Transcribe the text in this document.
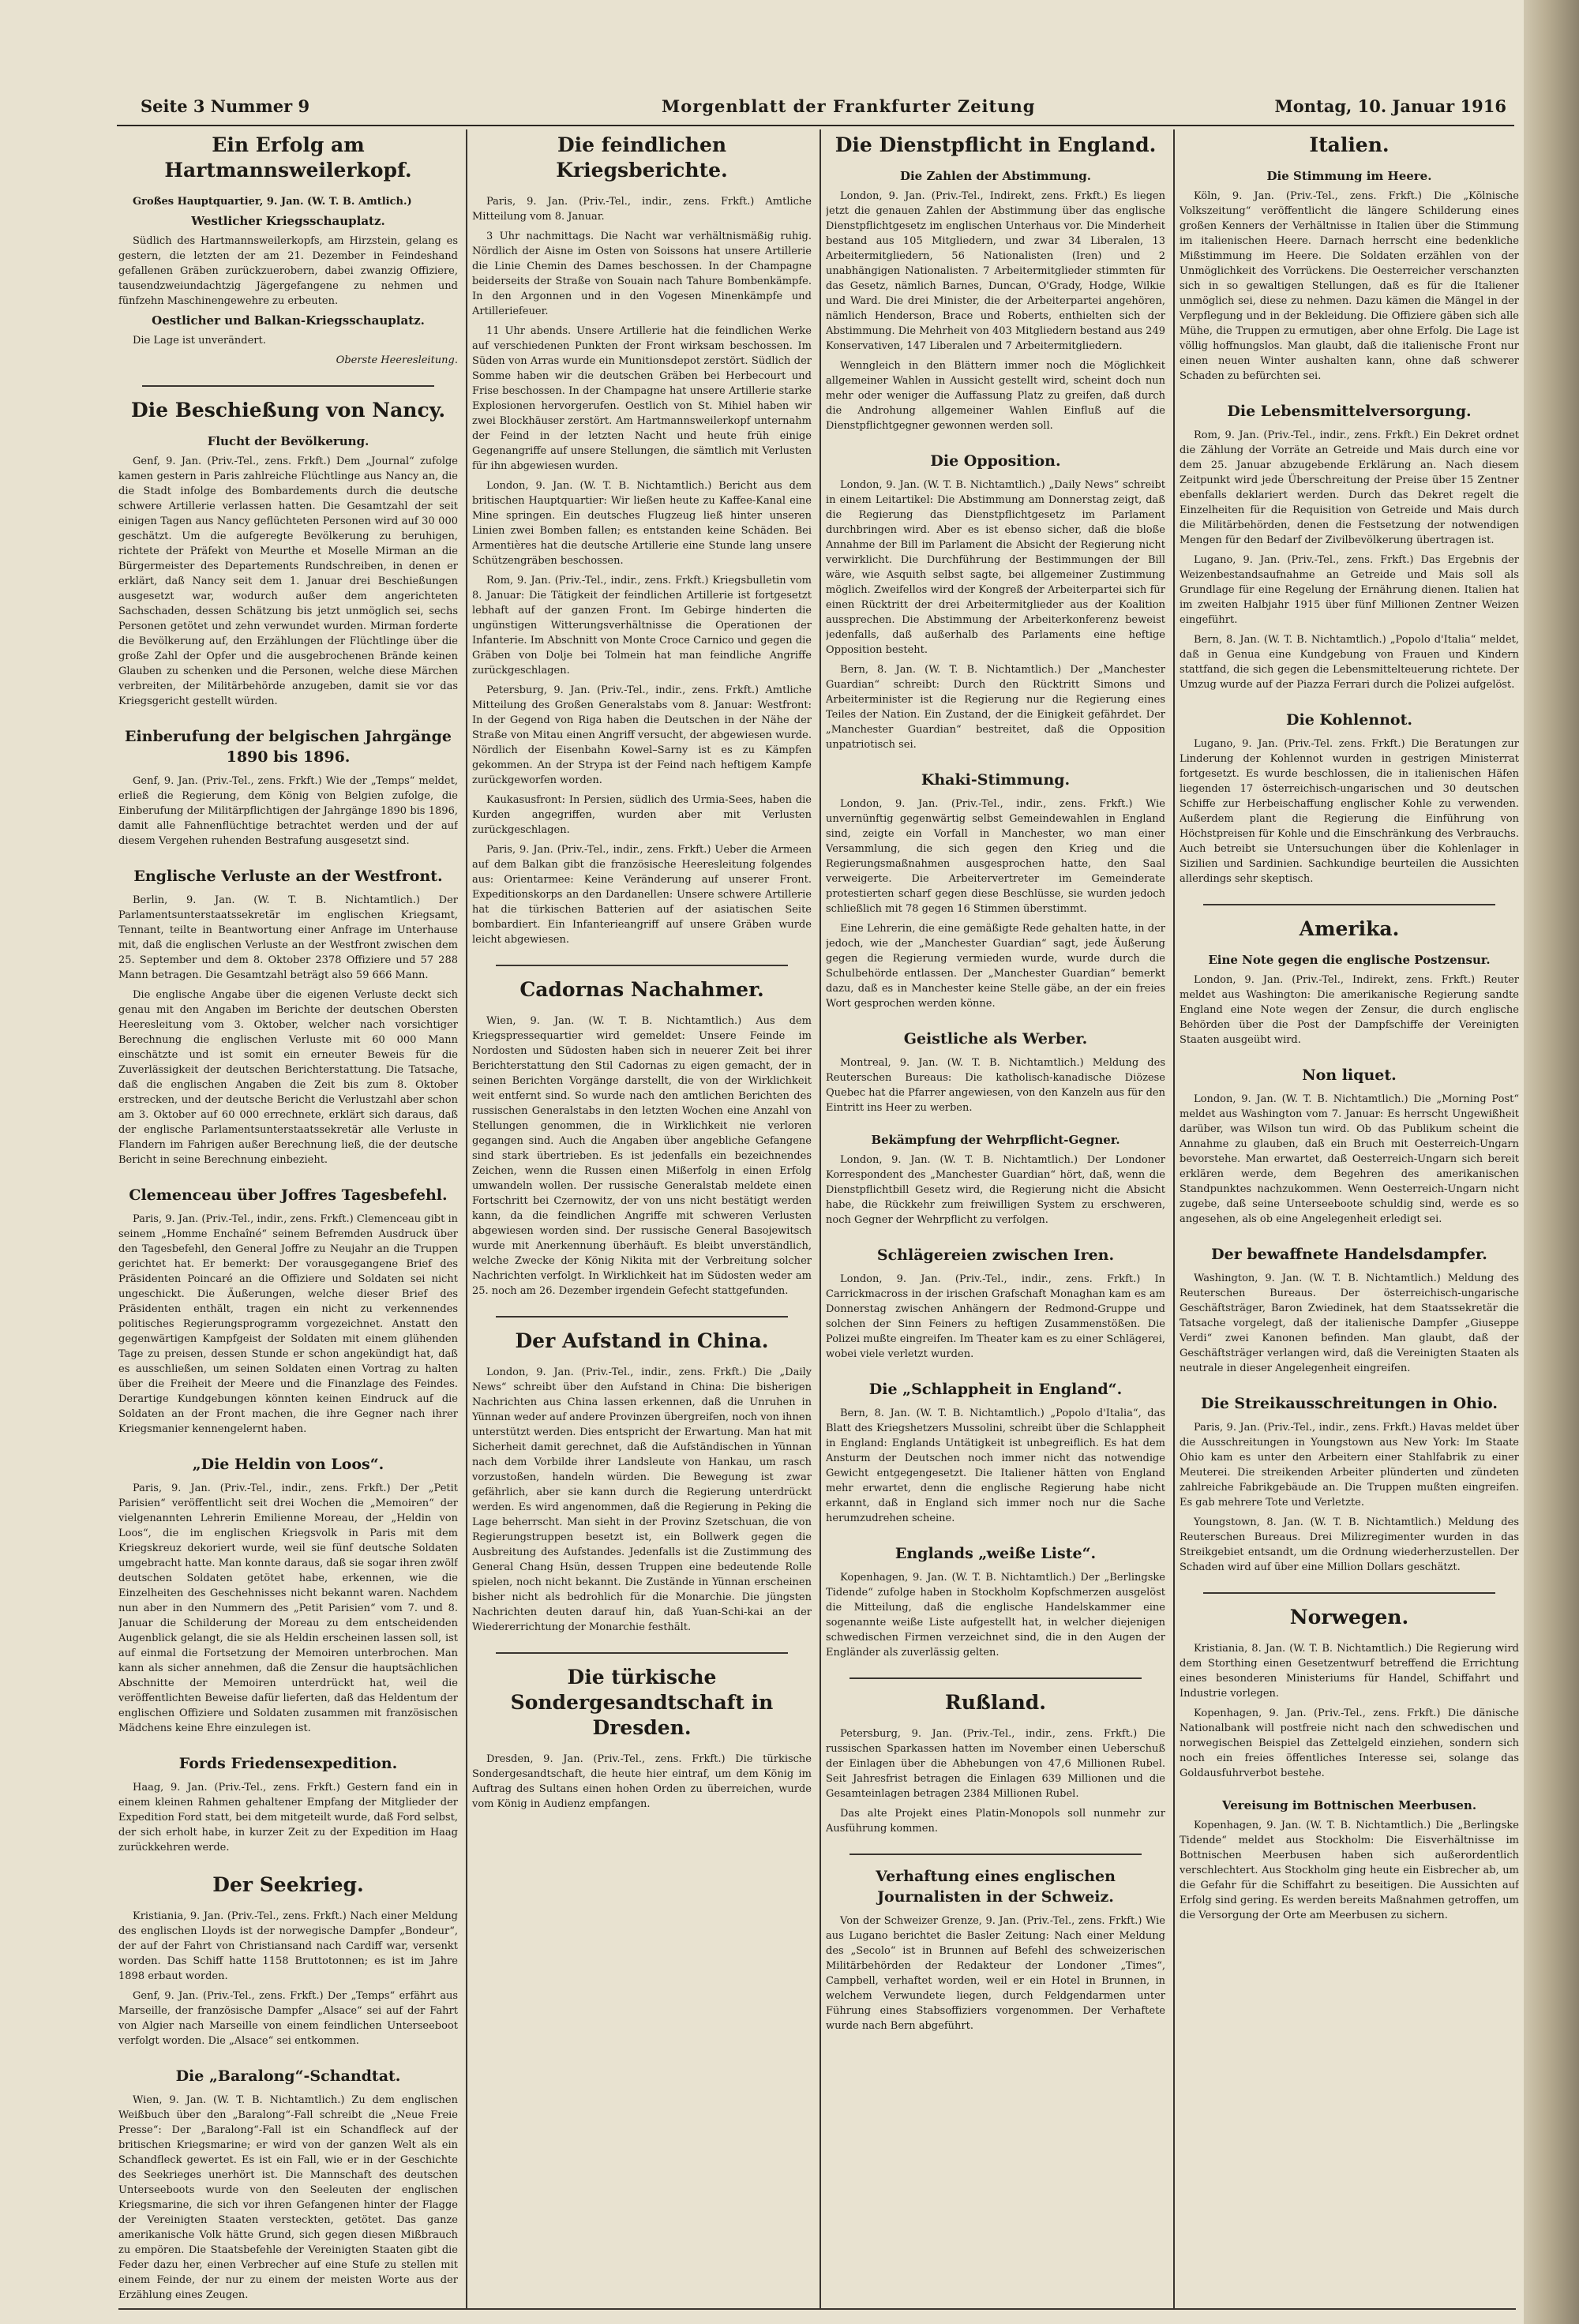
Seite 3 Nummer 9	Morgenblatt der Frankfurter Zeitung	Montag, 10. Januar 1916
Ein Erfolg am Hartmannsweilerkopf.

Großes Hauptquartier, 9. Jan. (W. T. B. Amtlich.)

Westlicher Kriegsschauplatz.

Südlich des Hartmannsweilerkopfs, am Hirzstein, gelang es gestern, die letzten der am 21. Dezember in Feindeshand gefallenen Gräben zurückzuerobern, dabei zwanzig Offiziere, tausendzweiundachtzig Jägergefangene zu nehmen und fünfzehn Maschinengewehre zu erbeuten.

Oestlicher und Balkan-Kriegsschauplatz.

Die Lage ist unverändert.

Oberste Heeresleitung.

Die Beschießung von Nancy.
Flucht der Bevölkerung.

Genf, 9. Jan. (Priv.-Tel., zens. Frkft.) Dem „Journal“ zufolge kamen gestern in Paris zahlreiche Flüchtlinge aus Nancy an, die die Stadt infolge des Bombardements durch die deutsche schwere Artillerie verlassen hatten. Die Gesamtzahl der seit einigen Tagen aus Nancy geflüchteten Personen wird auf 30 000 geschätzt. Um die aufgeregte Bevölkerung zu beruhigen, richtete der Präfekt von Meurthe et Moselle Mirman an die Bürgermeister des Departements Rundschreiben, in denen er erklärt, daß Nancy seit dem 1. Januar drei Beschießungen ausgesetzt war, wodurch außer dem angerichteten Sachschaden, dessen Schätzung bis jetzt unmöglich sei, sechs Personen getötet und zehn verwundet wurden. Mirman forderte die Bevölkerung auf, den Erzählungen der Flüchtlinge über die große Zahl der Opfer und die ausgebrochenen Brände keinen Glauben zu schenken und die Personen, welche diese Märchen verbreiten, der Militärbehörde anzugeben, damit sie vor das Kriegsgericht gestellt würden.

Einberufung der belgischen Jahrgänge 1890 bis 1896.

Genf, 9. Jan. (Priv.-Tel., zens. Frkft.) Wie der „Temps“ meldet, erließ die Regierung, dem König von Belgien zufolge, die Einberufung der Militärpflichtigen der Jahrgänge 1890 bis 1896, damit alle Fahnenflüchtige betrachtet werden und der auf diesem Vergehen ruhenden Bestrafung ausgesetzt sind.

Englische Verluste an der Westfront.

Berlin, 9. Jan. (W. T. B. Nichtamtlich.) Der Parlamentsunterstaatssekretär im englischen Kriegsamt, Tennant, teilte in Beantwortung einer Anfrage im Unterhause mit, daß die englischen Verluste an der Westfront zwischen dem 25. September und dem 8. Oktober 2378 Offiziere und 57 288 Mann betragen. Die Gesamtzahl beträgt also 59 666 Mann.

Die englische Angabe über die eigenen Verluste deckt sich genau mit den Angaben im Berichte der deutschen Obersten Heeresleitung vom 3. Oktober, welcher nach vorsichtiger Berechnung die englischen Verluste mit 60 000 Mann einschätzte und ist somit ein erneuter Beweis für die Zuverlässigkeit der deutschen Berichterstattung. Die Tatsache, daß die englischen Angaben die Zeit bis zum 8. Oktober erstrecken, und der deutsche Bericht die Verlustzahl aber schon am 3. Oktober auf 60 000 errechnete, erklärt sich daraus, daß der englische Parlamentsunterstaatssekretär alle Verluste in Flandern im Fahrigen außer Berechnung ließ, die der deutsche Bericht in seine Berechnung einbezieht.

Clemenceau über Joffres Tagesbefehl.

Paris, 9. Jan. (Priv.-Tel., indir., zens. Frkft.) Clemenceau gibt in seinem „Homme Enchaîné“ seinem Befremden Ausdruck über den Tagesbefehl, den General Joffre zu Neujahr an die Truppen gerichtet hat. Er bemerkt: Der vorausgegangene Brief des Präsidenten Poincaré an die Offiziere und Soldaten sei nicht ungeschickt. Die Äußerungen, welche dieser Brief des Präsidenten enthält, tragen ein nicht zu verkennendes politisches Regierungsprogramm vorgezeichnet. Anstatt den gegenwärtigen Kampfgeist der Soldaten mit einem glühenden Tage zu preisen, dessen Stunde er schon angekündigt hat, daß es ausschließen, um seinen Soldaten einen Vortrag zu halten über die Freiheit der Meere und die Finanzlage des Feindes. Derartige Kundgebungen könnten keinen Eindruck auf die Soldaten an der Front machen, die ihre Gegner nach ihrer Kriegsmanier kennengelernt haben.

„Die Heldin von Loos“.

Paris, 9. Jan. (Priv.-Tel., indir., zens. Frkft.) Der „Petit Parisien“ veröffentlicht seit drei Wochen die „Memoiren“ der vielgenannten Lehrerin Emilienne Moreau, der „Heldin von Loos“, die im englischen Kriegsvolk in Paris mit dem Kriegskreuz dekoriert wurde, weil sie fünf deutsche Soldaten umgebracht hatte. Man konnte daraus, daß sie sogar ihren zwölf deutschen Soldaten getötet habe, erkennen, wie die Einzelheiten des Geschehnisses nicht bekannt waren. Nachdem nun aber in den Nummern des „Petit Parisien“ vom 7. und 8. Januar die Schilderung der Moreau zu dem entscheidenden Augenblick gelangt, die sie als Heldin erscheinen lassen soll, ist auf einmal die Fortsetzung der Memoiren unterbrochen. Man kann als sicher annehmen, daß die Zensur die hauptsächlichen Abschnitte der Memoiren unterdrückt hat, weil die veröffentlichten Beweise dafür lieferten, daß das Heldentum der englischen Offiziere und Soldaten zusammen mit französischen Mädchens keine Ehre einzulegen ist.

Fords Friedensexpedition.

Haag, 9. Jan. (Priv.-Tel., zens. Frkft.) Gestern fand ein in einem kleinen Rahmen gehaltener Empfang der Mitglieder der Expedition Ford statt, bei dem mitgeteilt wurde, daß Ford selbst, der sich erholt habe, in kurzer Zeit zu der Expedition im Haag zurückkehren werde.

Der Seekrieg.

Kristiania, 9. Jan. (Priv.-Tel., zens. Frkft.) Nach einer Meldung des englischen Lloyds ist der norwegische Dampfer „Bondeur“, der auf der Fahrt von Christiansand nach Cardiff war, versenkt worden. Das Schiff hatte 1158 Bruttotonnen; es ist im Jahre 1898 erbaut worden.

Genf, 9. Jan. (Priv.-Tel., zens. Frkft.) Der „Temps“ erfährt aus Marseille, der französische Dampfer „Alsace“ sei auf der Fahrt von Algier nach Marseille von einem feindlichen Unterseeboot verfolgt worden. Die „Alsace“ sei entkommen.

Die „Baralong“-Schandtat.

Wien, 9. Jan. (W. T. B. Nichtamtlich.) Zu dem englischen Weißbuch über den „Baralong“-Fall schreibt die „Neue Freie Presse“: Der „Baralong“-Fall ist ein Schandfleck auf der britischen Kriegsmarine; er wird von der ganzen Welt als ein Schandfleck gewertet. Es ist ein Fall, wie er in der Geschichte des Seekrieges unerhört ist. Die Mannschaft des deutschen Unterseeboots wurde von den Seeleuten der englischen Kriegsmarine, die sich vor ihren Gefangenen hinter der Flagge der Vereinigten Staaten versteckten, getötet. Das ganze amerikanische Volk hätte Grund, sich gegen diesen Mißbrauch zu empören. Die Staatsbefehle der Vereinigten Staaten gibt die Feder dazu her, einen Verbrecher auf eine Stufe zu stellen mit einem Feinde, der nur zu einem der meisten Worte aus der Erzählung eines Zeugen.

Die feindlichen Kriegsberichte.

Paris, 9. Jan. (Priv.-Tel., indir., zens. Frkft.) Amtliche Mitteilung vom 8. Januar.

3 Uhr nachmittags. Die Nacht war verhältnismäßig ruhig. Nördlich der Aisne im Osten von Soissons hat unsere Artillerie die Linie Chemin des Dames beschossen. In der Champagne beiderseits der Straße von Souain nach Tahure Bombenkämpfe. In den Argonnen und in den Vogesen Minenkämpfe und Artilleriefeuer.

11 Uhr abends. Unsere Artillerie hat die feindlichen Werke auf verschiedenen Punkten der Front wirksam beschossen. Im Süden von Arras wurde ein Munitionsdepot zerstört. Südlich der Somme haben wir die deutschen Gräben bei Herbecourt und Frise beschossen. In der Champagne hat unsere Artillerie starke Explosionen hervorgerufen. Oestlich von St. Mihiel haben wir zwei Blockhäuser zerstört. Am Hartmannsweilerkopf unternahm der Feind in der letzten Nacht und heute früh einige Gegenangriffe auf unsere Stellungen, die sämtlich mit Verlusten für ihn abgewiesen wurden.

London, 9. Jan. (W. T. B. Nichtamtlich.) Bericht aus dem britischen Hauptquartier: Wir ließen heute zu Kaffee-Kanal eine Mine springen. Ein deutsches Flugzeug ließ hinter unseren Linien zwei Bomben fallen; es entstanden keine Schäden. Bei Armentières hat die deutsche Artillerie eine Stunde lang unsere Schützengräben beschossen.

Rom, 9. Jan. (Priv.-Tel., indir., zens. Frkft.) Kriegsbulletin vom 8. Januar: Die Tätigkeit der feindlichen Artillerie ist fortgesetzt lebhaft auf der ganzen Front. Im Gebirge hinderten die ungünstigen Witterungsverhältnisse die Operationen der Infanterie. Im Abschnitt von Monte Croce Carnico und gegen die Gräben von Dolje bei Tolmein hat man feindliche Angriffe zurückgeschlagen.

Petersburg, 9. Jan. (Priv.-Tel., indir., zens. Frkft.) Amtliche Mitteilung des Großen Generalstabs vom 8. Januar: Westfront: In der Gegend von Riga haben die Deutschen in der Nähe der Straße von Mitau einen Angriff versucht, der abgewiesen wurde. Nördlich der Eisenbahn Kowel–Sarny ist es zu Kämpfen gekommen. An der Strypa ist der Feind nach heftigem Kampfe zurückgeworfen worden.

Kaukasusfront: In Persien, südlich des Urmia-Sees, haben die Kurden angegriffen, wurden aber mit Verlusten zurückgeschlagen.

Paris, 9. Jan. (Priv.-Tel., indir., zens. Frkft.) Ueber die Armeen auf dem Balkan gibt die französische Heeresleitung folgendes aus: Orientarmee: Keine Veränderung auf unserer Front. Expeditionskorps an den Dardanellen: Unsere schwere Artillerie hat die türkischen Batterien auf der asiatischen Seite bombardiert. Ein Infanterieangriff auf unsere Gräben wurde leicht abgewiesen.

Cadornas Nachahmer.

Wien, 9. Jan. (W. T. B. Nichtamtlich.) Aus dem Kriegspressequartier wird gemeldet: Unsere Feinde im Nordosten und Südosten haben sich in neuerer Zeit bei ihrer Berichterstattung den Stil Cadornas zu eigen gemacht, der in seinen Berichten Vorgänge darstellt, die von der Wirklichkeit weit entfernt sind. So wurde nach den amtlichen Berichten des russischen Generalstabs in den letzten Wochen eine Anzahl von Stellungen genommen, die in Wirklichkeit nie verloren gegangen sind. Auch die Angaben über angebliche Gefangene sind stark übertrieben. Es ist jedenfalls ein bezeichnendes Zeichen, wenn die Russen einen Mißerfolg in einen Erfolg umwandeln wollen. Der russische Generalstab meldete einen Fortschritt bei Czernowitz, der von uns nicht bestätigt werden kann, da die feindlichen Angriffe mit schweren Verlusten abgewiesen worden sind. Der russische General Basojewitsch wurde mit Anerkennung überhäuft. Es bleibt unverständlich, welche Zwecke der König Nikita mit der Verbreitung solcher Nachrichten verfolgt. In Wirklichkeit hat im Südosten weder am 25. noch am 26. Dezember irgendein Gefecht stattgefunden.

Der Aufstand in China.

London, 9. Jan. (Priv.-Tel., indir., zens. Frkft.) Die „Daily News“ schreibt über den Aufstand in China: Die bisherigen Nachrichten aus China lassen erkennen, daß die Unruhen in Yünnan weder auf andere Provinzen übergreifen, noch von ihnen unterstützt werden. Dies entspricht der Erwartung. Man hat mit Sicherheit damit gerechnet, daß die Aufständischen in Yünnan nach dem Vorbilde ihrer Landsleute von Hankau, um rasch vorzustoßen, handeln würden. Die Bewegung ist zwar gefährlich, aber sie kann durch die Regierung unterdrückt werden. Es wird angenommen, daß die Regierung in Peking die Lage beherrscht. Man sieht in der Provinz Szetschuan, die von Regierungstruppen besetzt ist, ein Bollwerk gegen die Ausbreitung des Aufstandes. Jedenfalls ist die Zustimmung des General Chang Hsün, dessen Truppen eine bedeutende Rolle spielen, noch nicht bekannt. Die Zustände in Yünnan erscheinen bisher nicht als bedrohlich für die Monarchie. Die jüngsten Nachrichten deuten darauf hin, daß Yuan-Schi-kai an der Wiedererrichtung der Monarchie festhält.

Die türkische Sondergesandtschaft in Dresden.

Dresden, 9. Jan. (Priv.-Tel., zens. Frkft.) Die türkische Sondergesandtschaft, die heute hier eintraf, um dem König im Auftrag des Sultans einen hohen Orden zu überreichen, wurde vom König in Audienz empfangen.

Die Dienstpflicht in England.
Die Zahlen der Abstimmung.

London, 9. Jan. (Priv.-Tel., Indirekt, zens. Frkft.) Es liegen jetzt die genauen Zahlen der Abstimmung über das englische Dienstpflichtgesetz im englischen Unterhaus vor. Die Minderheit bestand aus 105 Mitgliedern, und zwar 34 Liberalen, 13 Arbeitermitgliedern, 56 Nationalisten (Iren) und 2 unabhängigen Nationalisten. 7 Arbeitermitglieder stimmten für das Gesetz, nämlich Barnes, Duncan, O'Grady, Hodge, Wilkie und Ward. Die drei Minister, die der Arbeiterpartei angehören, nämlich Henderson, Brace und Roberts, enthielten sich der Abstimmung. Die Mehrheit von 403 Mitgliedern bestand aus 249 Konservativen, 147 Liberalen und 7 Arbeitermitgliedern.

Wenngleich in den Blättern immer noch die Möglichkeit allgemeiner Wahlen in Aussicht gestellt wird, scheint doch nun mehr oder weniger die Auffassung Platz zu greifen, daß durch die Androhung allgemeiner Wahlen Einfluß auf die Dienstpflichtgegner gewonnen werden soll.

Die Opposition.

London, 9. Jan. (W. T. B. Nichtamtlich.) „Daily News“ schreibt in einem Leitartikel: Die Abstimmung am Donnerstag zeigt, daß die Regierung das Dienstpflichtgesetz im Parlament durchbringen wird. Aber es ist ebenso sicher, daß die bloße Annahme der Bill im Parlament die Absicht der Regierung nicht verwirklicht. Die Durchführung der Bestimmungen der Bill wäre, wie Asquith selbst sagte, bei allgemeiner Zustimmung möglich. Zweifellos wird der Kongreß der Arbeiterpartei sich für einen Rücktritt der drei Arbeitermitglieder aus der Koalition aussprechen. Die Abstimmung der Arbeiterkonferenz beweist jedenfalls, daß außerhalb des Parlaments eine heftige Opposition besteht.

Bern, 8. Jan. (W. T. B. Nichtamtlich.) Der „Manchester Guardian“ schreibt: Durch den Rücktritt Simons und Arbeiterminister ist die Regierung nur die Regierung eines Teiles der Nation. Ein Zustand, der die Einigkeit gefährdet. Der „Manchester Guardian“ bestreitet, daß die Opposition unpatriotisch sei.

Khaki-Stimmung.

London, 9. Jan. (Priv.-Tel., indir., zens. Frkft.) Wie unvernünftig gegenwärtig selbst Gemeindewahlen in England sind, zeigte ein Vorfall in Manchester, wo man einer Versammlung, die sich gegen den Krieg und die Regierungsmaßnahmen ausgesprochen hatte, den Saal verweigerte. Die Arbeitervertreter im Gemeinderate protestierten scharf gegen diese Beschlüsse, sie wurden jedoch schließlich mit 78 gegen 16 Stimmen überstimmt.

Eine Lehrerin, die eine gemäßigte Rede gehalten hatte, in der jedoch, wie der „Manchester Guardian“ sagt, jede Äußerung gegen die Regierung vermieden wurde, wurde durch die Schulbehörde entlassen. Der „Manchester Guardian“ bemerkt dazu, daß es in Manchester keine Stelle gäbe, an der ein freies Wort gesprochen werden könne.

Geistliche als Werber.

Montreal, 9. Jan. (W. T. B. Nichtamtlich.) Meldung des Reuterschen Bureaus: Die katholisch-kanadische Diözese Quebec hat die Pfarrer angewiesen, von den Kanzeln aus für den Eintritt ins Heer zu werben.

Bekämpfung der Wehrpflicht-Gegner.

London, 9. Jan. (W. T. B. Nichtamtlich.) Der Londoner Korrespondent des „Manchester Guardian“ hört, daß, wenn die Dienstpflichtbill Gesetz wird, die Regierung nicht die Absicht habe, die Rückkehr zum freiwilligen System zu erschweren, noch Gegner der Wehrpflicht zu verfolgen.

Schlägereien zwischen Iren.

London, 9. Jan. (Priv.-Tel., indir., zens. Frkft.) In Carrickmacross in der irischen Grafschaft Monaghan kam es am Donnerstag zwischen Anhängern der Redmond-Gruppe und solchen der Sinn Feiners zu heftigen Zusammenstößen. Die Polizei mußte eingreifen. Im Theater kam es zu einer Schlägerei, wobei viele verletzt wurden.

Die „Schlappheit in England“.

Bern, 8. Jan. (W. T. B. Nichtamtlich.) „Popolo d'Italia“, das Blatt des Kriegshetzers Mussolini, schreibt über die Schlappheit in England: Englands Untätigkeit ist unbegreiflich. Es hat dem Ansturm der Deutschen noch immer nicht das notwendige Gewicht entgegengesetzt. Die Italiener hätten von England mehr erwartet, denn die englische Regierung habe nicht erkannt, daß in England sich immer noch nur die Sache herumzudrehen scheine.

Englands „weiße Liste“.

Kopenhagen, 9. Jan. (W. T. B. Nichtamtlich.) Der „Berlingske Tidende“ zufolge haben in Stockholm Kopfschmerzen ausgelöst die Mitteilung, daß die englische Handelskammer eine sogenannte weiße Liste aufgestellt hat, in welcher diejenigen schwedischen Firmen verzeichnet sind, die in den Augen der Engländer als zuverlässig gelten.

Rußland.

Petersburg, 9. Jan. (Priv.-Tel., indir., zens. Frkft.) Die russischen Sparkassen hatten im November einen Ueberschuß der Einlagen über die Abhebungen von 47,6 Millionen Rubel. Seit Jahresfrist betragen die Einlagen 639 Millionen und die Gesamteinlagen betragen 2384 Millionen Rubel.

Das alte Projekt eines Platin-Monopols soll nunmehr zur Ausführung kommen.

Verhaftung eines englischen Journalisten in der Schweiz.

Von der Schweizer Grenze, 9. Jan. (Priv.-Tel., zens. Frkft.) Wie aus Lugano berichtet die Basler Zeitung: Nach einer Meldung des „Secolo“ ist in Brunnen auf Befehl des schweizerischen Militärbehörden der Redakteur der Londoner „Times“, Campbell, verhaftet worden, weil er ein Hotel in Brunnen, in welchem Verwundete liegen, durch Feldgendarmen unter Führung eines Stabsoffiziers vorgenommen. Der Verhaftete wurde nach Bern abgeführt.

Italien.
Die Stimmung im Heere.

Köln, 9. Jan. (Priv.-Tel., zens. Frkft.) Die „Kölnische Volkszeitung“ veröffentlicht die längere Schilderung eines großen Kenners der Verhältnisse in Italien über die Stimmung im italienischen Heere. Darnach herrscht eine bedenkliche Mißstimmung im Heere. Die Soldaten erzählen von der Unmöglichkeit des Vorrückens. Die Oesterreicher verschanzten sich in so gewaltigen Stellungen, daß es für die Italiener unmöglich sei, diese zu nehmen. Dazu kämen die Mängel in der Verpflegung und in der Bekleidung. Die Offiziere gäben sich alle Mühe, die Truppen zu ermutigen, aber ohne Erfolg. Die Lage ist völlig hoffnungslos. Man glaubt, daß die italienische Front nur einen neuen Winter aushalten kann, ohne daß schwerer Schaden zu befürchten sei.

Die Lebensmittelversorgung.

Rom, 9. Jan. (Priv.-Tel., indir., zens. Frkft.) Ein Dekret ordnet die Zählung der Vorräte an Getreide und Mais durch eine vor dem 25. Januar abzugebende Erklärung an. Nach diesem Zeitpunkt wird jede Überschreitung der Preise über 15 Zentner ebenfalls deklariert werden. Durch das Dekret regelt die Einzelheiten für die Requisition von Getreide und Mais durch die Militärbehörden, denen die Festsetzung der notwendigen Mengen für den Bedarf der Zivilbevölkerung übertragen ist.

Lugano, 9. Jan. (Priv.-Tel., zens. Frkft.) Das Ergebnis der Weizenbestandsaufnahme an Getreide und Mais soll als Grundlage für eine Regelung der Ernährung dienen. Italien hat im zweiten Halbjahr 1915 über fünf Millionen Zentner Weizen eingeführt.

Bern, 8. Jan. (W. T. B. Nichtamtlich.) „Popolo d'Italia“ meldet, daß in Genua eine Kundgebung von Frauen und Kindern stattfand, die sich gegen die Lebensmittelteuerung richtete. Der Umzug wurde auf der Piazza Ferrari durch die Polizei aufgelöst.

Die Kohlennot.

Lugano, 9. Jan. (Priv.-Tel. zens. Frkft.) Die Beratungen zur Linderung der Kohlennot wurden in gestrigen Ministerrat fortgesetzt. Es wurde beschlossen, die in italienischen Häfen liegenden 17 österreichisch-ungarischen und 30 deutschen Schiffe zur Herbeischaffung englischer Kohle zu verwenden. Außerdem plant die Regierung die Einführung von Höchstpreisen für Kohle und die Einschränkung des Verbrauchs. Auch betreibt sie Untersuchungen über die Kohlenlager in Sizilien und Sardinien. Sachkundige beurteilen die Aussichten allerdings sehr skeptisch.

Amerika.
Eine Note gegen die englische Postzensur.

London, 9. Jan. (Priv.-Tel., Indirekt, zens. Frkft.) Reuter meldet aus Washington: Die amerikanische Regierung sandte England eine Note wegen der Zensur, die durch englische Behörden über die Post der Dampfschiffe der Vereinigten Staaten ausgeübt wird.

Non liquet.

London, 9. Jan. (W. T. B. Nichtamtlich.) Die „Morning Post“ meldet aus Washington vom 7. Januar: Es herrscht Ungewißheit darüber, was Wilson tun wird. Ob das Publikum scheint die Annahme zu glauben, daß ein Bruch mit Oesterreich-Ungarn bevorstehe. Man erwartet, daß Oesterreich-Ungarn sich bereit erklären werde, dem Begehren des amerikanischen Standpunktes nachzukommen. Wenn Oesterreich-Ungarn nicht zugebe, daß seine Unterseeboote schuldig sind, werde es so angesehen, als ob eine Angelegenheit erledigt sei.

Der bewaffnete Handelsdampfer.

Washington, 9. Jan. (W. T. B. Nichtamtlich.) Meldung des Reuterschen Bureaus. Der österreichisch-ungarische Geschäftsträger, Baron Zwiedinek, hat dem Staatssekretär die Tatsache vorgelegt, daß der italienische Dampfer „Giuseppe Verdi“ zwei Kanonen befinden. Man glaubt, daß der Geschäftsträger verlangen wird, daß die Vereinigten Staaten als neutrale in dieser Angelegenheit eingreifen.

Die Streikausschreitungen in Ohio.

Paris, 9. Jan. (Priv.-Tel., indir., zens. Frkft.) Havas meldet über die Ausschreitungen in Youngstown aus New York: Im Staate Ohio kam es unter den Arbeitern einer Stahlfabrik zu einer Meuterei. Die streikenden Arbeiter plünderten und zündeten zahlreiche Fabrikgebäude an. Die Truppen mußten eingreifen. Es gab mehrere Tote und Verletzte.

Youngstown, 8. Jan. (W. T. B. Nichtamtlich.) Meldung des Reuterschen Bureaus. Drei Milizregimenter wurden in das Streikgebiet entsandt, um die Ordnung wiederherzustellen. Der Schaden wird auf über eine Million Dollars geschätzt.

Norwegen.

Kristiania, 8. Jan. (W. T. B. Nichtamtlich.) Die Regierung wird dem Storthing einen Gesetzentwurf betreffend die Errichtung eines besonderen Ministeriums für Handel, Schiffahrt und Industrie vorlegen.

Kopenhagen, 9. Jan. (Priv.-Tel., zens. Frkft.) Die dänische Nationalbank will postfreie nicht nach den schwedischen und norwegischen Beispiel das Zettelgeld einziehen, sondern sich noch ein freies öffentliches Interesse sei, solange das Goldausfuhrverbot bestehe.

Vereisung im Bottnischen Meerbusen.

Kopenhagen, 9. Jan. (W. T. B. Nichtamtlich.) Die „Berlingske Tidende“ meldet aus Stockholm: Die Eisverhältnisse im Bottnischen Meerbusen haben sich außerordentlich verschlechtert. Aus Stockholm ging heute ein Eisbrecher ab, um die Gefahr für die Schiffahrt zu beseitigen. Die Aussichten auf Erfolg sind gering. Es werden bereits Maßnahmen getroffen, um die Versorgung der Orte am Meerbusen zu sichern.
